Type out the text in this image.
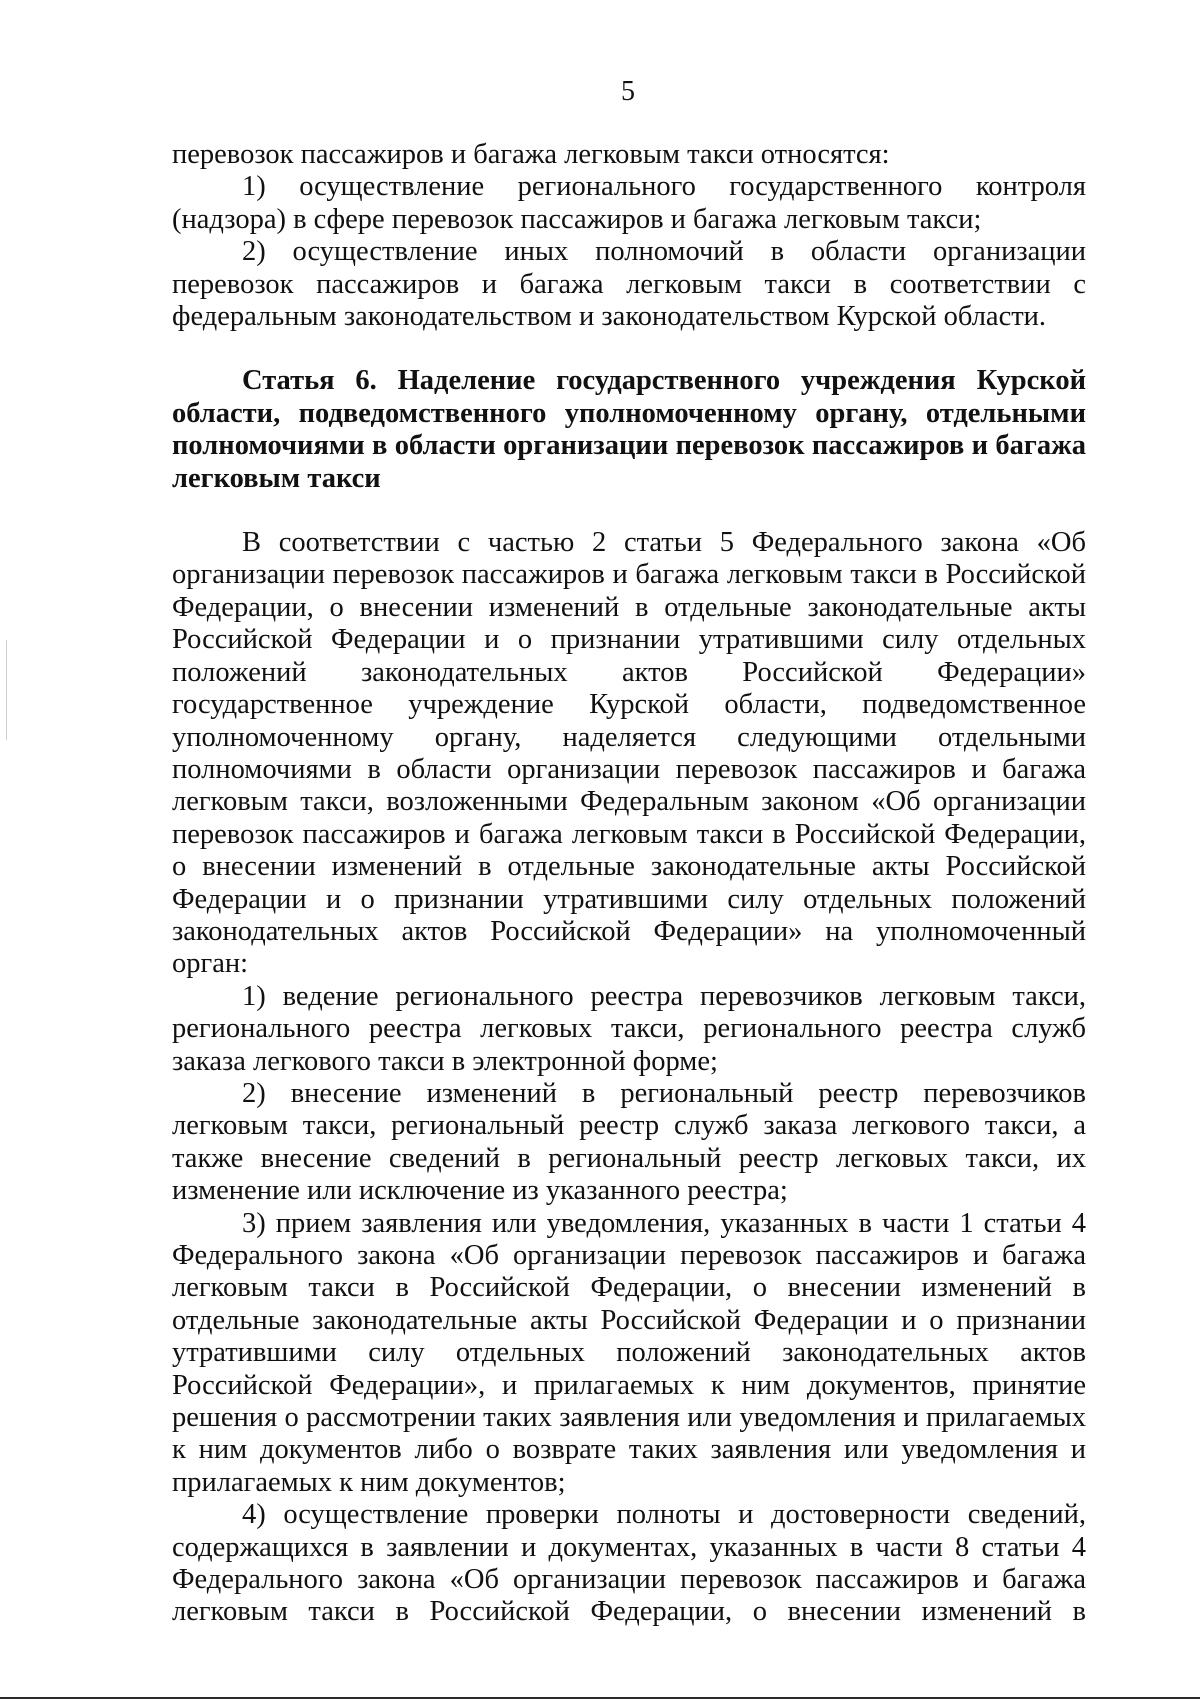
5

перевозок пассажиров и багажа легковым такси относятся:

1) осуществление регионального государственного контроля (надзора) в сфере перевозок пассажиров и багажа легковым такси;

2) осуществление иных полномочий в области организации перевозок пассажиров и багажа легковым такси в соответствии с федеральным законодательством и законодательством Курской области.

Статья 6. Наделение государственного учреждения Курской области, подведомственного уполномоченному органу, отдельными полномочиями в области организации перевозок пассажиров и багажа легковым такси

В соответствии с частью 2 статьи 5 Федерального закона «Об организации перевозок пассажиров и багажа легковым такси в Российской Федерации, о внесении изменений в отдельные законодательные акты Российской Федерации и о признании утратившими силу отдельных положений законодательных актов Российской Федерации» государственное учреждение Курской области, подведомственное уполномоченному органу, наделяется следующими отдельными полномочиями в области организации перевозок пассажиров и багажа легковым такси, возложенными Федеральным законом «Об организации перевозок пассажиров и багажа легковым такси в Российской Федерации, о внесении изменений в отдельные законодательные акты Российской Федерации и о признании утратившими силу отдельных положений законодательных актов Российской Федерации» на уполномоченный орган:

1) ведение регионального реестра перевозчиков легковым такси, регионального реестра легковых такси, регионального реестра служб заказа легкового такси в электронной форме;

2) внесение изменений в региональный реестр перевозчиков легковым такси, региональный реестр служб заказа легкового такси, а также внесение сведений в региональный реестр легковых такси, их изменение или исключение из указанного реестра;

3) прием заявления или уведомления, указанных в части 1 статьи 4 Федерального закона «Об организации перевозок пассажиров и багажа легковым такси в Российской Федерации, о внесении изменений в отдельные законодательные акты Российской Федерации и о признании утратившими силу отдельных положений законодательных актов Российской Федерации», и прилагаемых к ним документов, принятие решения о рассмотрении таких заявления или уведомления и прилагаемых к ним документов либо о возврате таких заявления или уведомления и прилагаемых к ним документов;

4) осуществление проверки полноты и достоверности сведений, содержащихся в заявлении и документах, указанных в части 8 статьи 4 Федерального закона «Об организации перевозок пассажиров и багажа легковым такси в Российской Федерации, о внесении изменений в
